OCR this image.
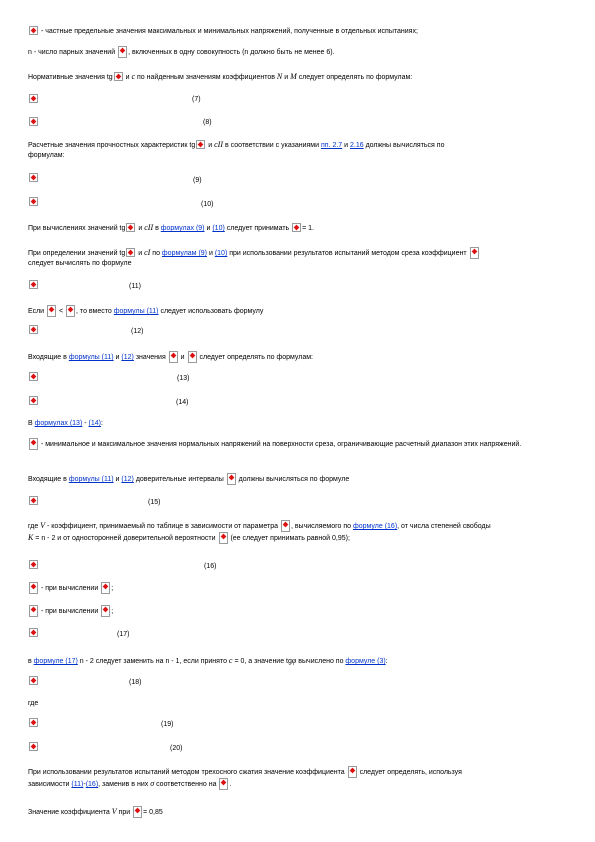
- частные предельные значения максимальных и минимальных напряжений, полученные в отдельных испытаниях;
n - число парных значений , включенных в одну совокупность (n должно быть не менее 6).
Нормативные значения tg и c по найденным значениям коэффициентов N и M следует определять по формулам:
(7)
(8)
Расчетные значения прочностных характеристик tg и cII в соответствии с указаниями пп. 2.7 и 2.16 должны вычисляться по
формулам:
(9)
(10)
При вычислениях значений tg и cII в формулах (9) и (10) следует принимать = 1.
При определении значений tg и cI по формулам (9) и (10) при использовании результатов испытаний методом среза коэффициент
следует вычислять по формуле
(11)
Если < , то вместо формулы (11) следует использовать формулу
(12)
Входящие в формулы (11) и (12) значения и следует определять по формулам:
(13)
(14)
В формулах (13) - (14):
- минимальное и максимальное значения нормальных напряжений на поверхности среза, ограничивающие расчетный диапазон этих напряжений.
Входящие в формулы (11) и (12) доверительные интервалы должны вычисляться по формуле
(15)
где V - коэффициент, принимаемый по таблице в зависимости от параметра , вычисляемого по формуле (16), от числа степеней свободы
K = n - 2 и от односторонней доверительной вероятности (ее следует принимать равной 0,95);
(16)
- при вычислении ;
- при вычислении ;
(17)
в формуле (17) n - 2 следует заменить на n - 1, если принято c = 0, а значение tgφ вычислено по формуле (3):
(18)
где
(19)
(20)
При использовании результатов испытаний методом трехосного сжатия значение коэффициента следует определять, используя
зависимости (11)-(16), заменив в них σ соответственно на .
Значение коэффициента V при = 0,85
